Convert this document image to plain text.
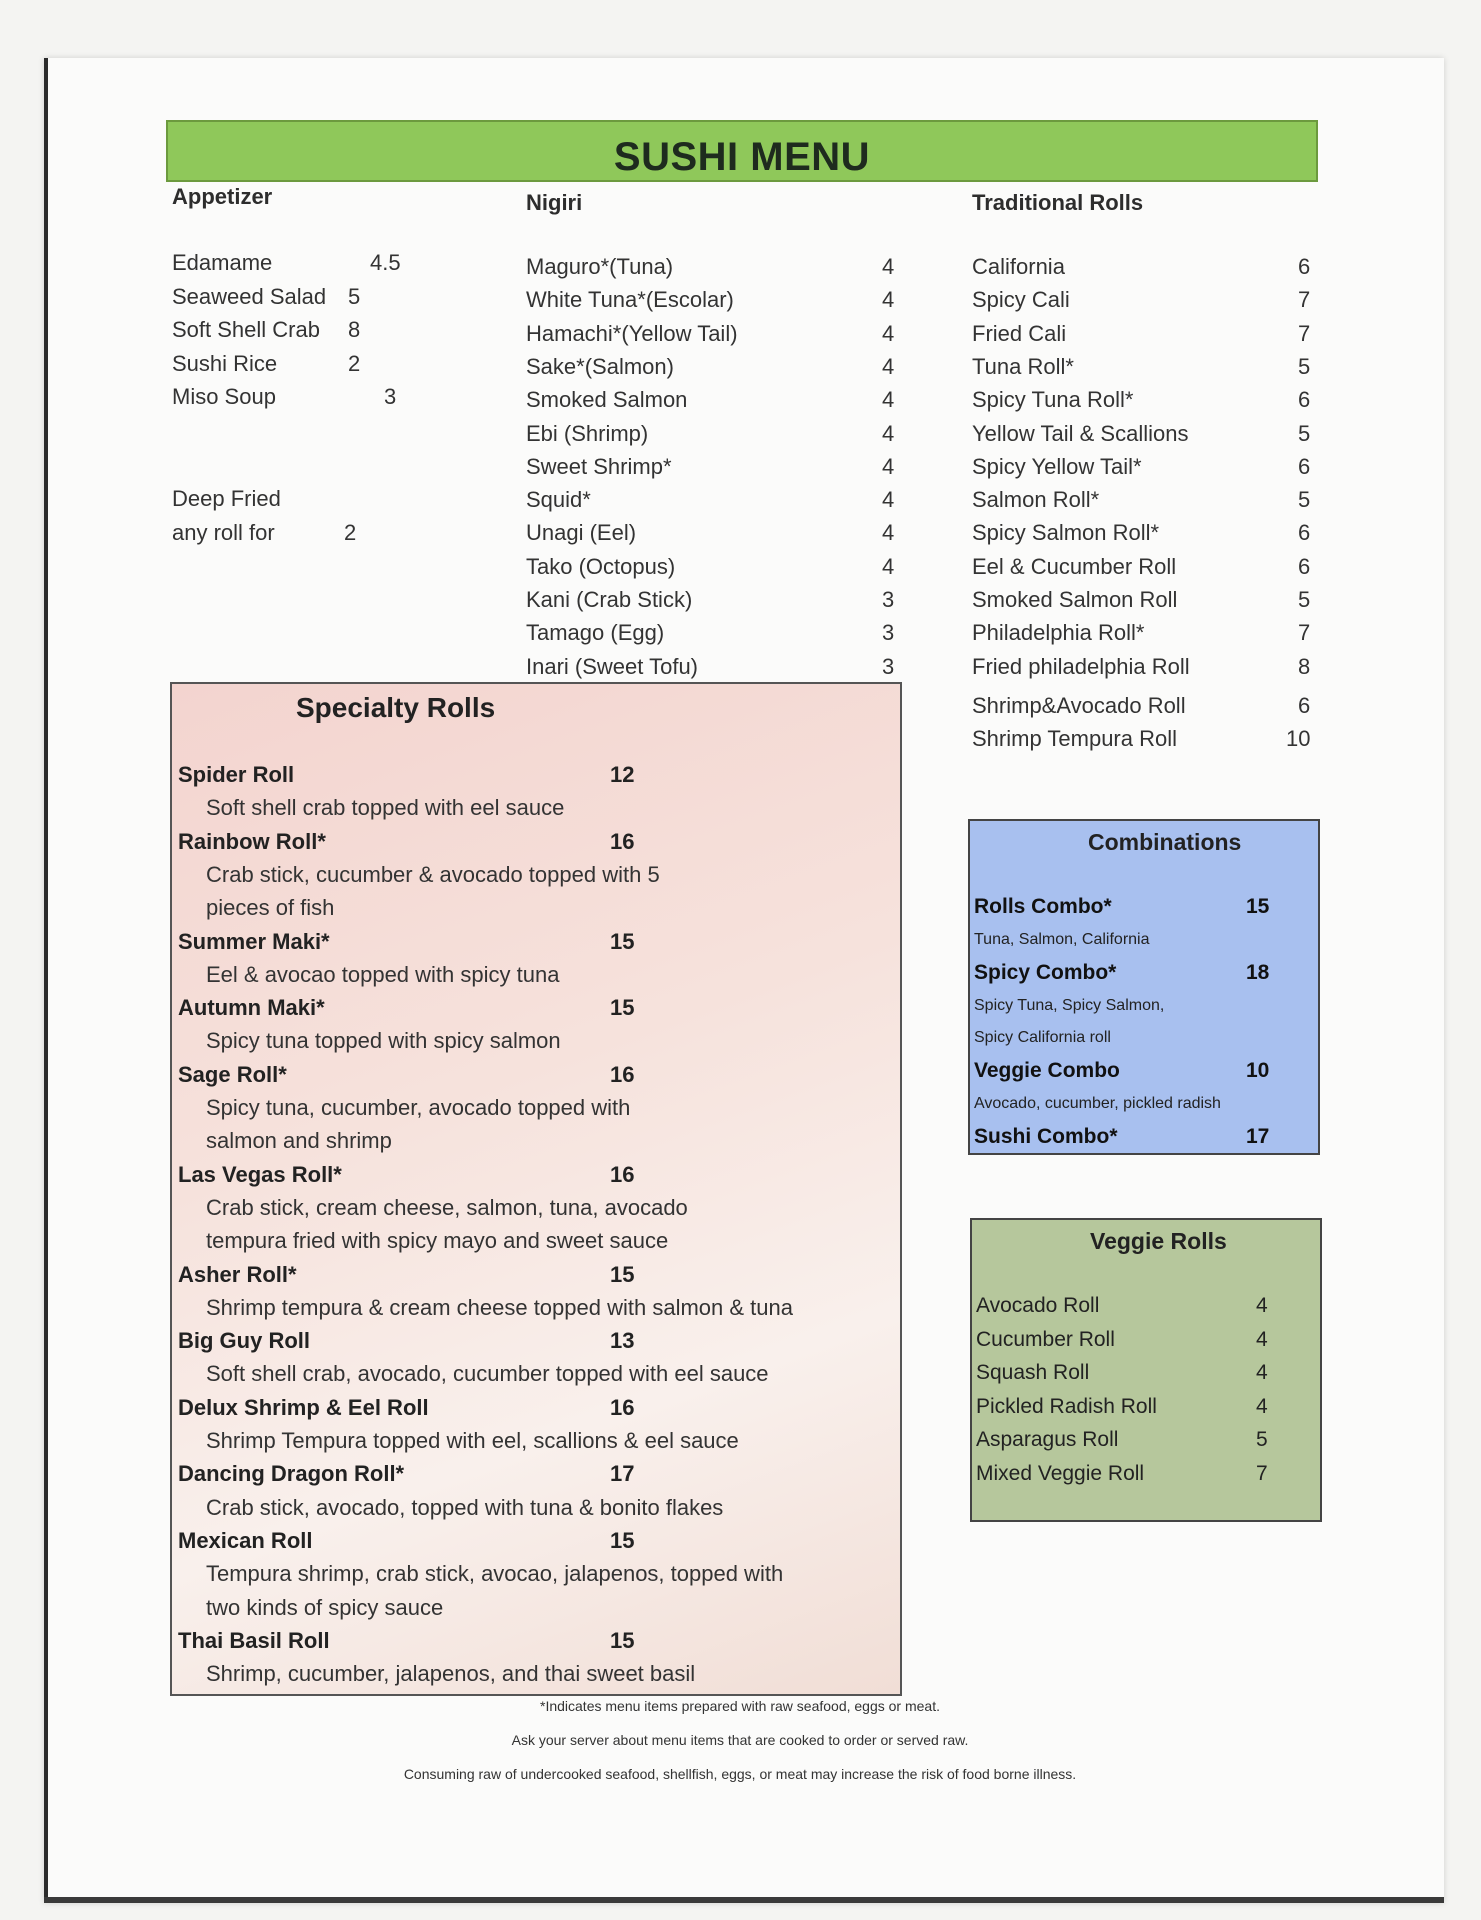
SUSHI MENU
Appetizer	Nigiri	Traditional Rolls
Edamame	4.5
Seaweed Salad 5
Soft Shell Crab 8
Sushi Rice	2
Miso Soup	3
Deep Fried
any roll for	2
Maguro*(Tuna)	4
White Tuna*(Escolar)	4
Hamachi*(Yellow Tail)	4
Sake*(Salmon)	4
Smoked Salmon	4
Ebi (Shrimp)	4
Sweet Shrimp*	4
Squid*	4
Unagi (Eel)	4
Tako (Octopus)	4
Kani (Crab Stick)	3
Tamago (Egg)	3
Inari (Sweet Tofu)	3
California	6
Spicy Cali	7
Fried Cali	7
Tuna Roll*	5
Spicy Tuna Roll*	6
Yellow Tail & Scallions	5
Spicy Yellow Tail*	6
Salmon Roll*	5
Spicy Salmon Roll*	6
Eel & Cucumber Roll	6
Smoked Salmon Roll	5
Philadelphia Roll*	7
Fried philadelphia Roll	8
Shrimp&Avocado Roll	6
Shrimp Tempura Roll	10
Specialty Rolls
Spider Roll	12
Soft shell crab topped with eel sauce
Rainbow Roll*	16
Crab stick, cucumber & avocado topped with 5
pieces of fish
Summer Maki*	15
Eel & avocao topped with spicy tuna
Autumn Maki*	15
Spicy tuna topped with spicy salmon
Sage Roll*	16
Spicy tuna, cucumber, avocado topped with
salmon and shrimp
Las Vegas Roll*	16
Crab stick, cream cheese, salmon, tuna, avocado
tempura fried with spicy mayo and sweet sauce
Asher Roll*	15
Shrimp tempura & cream cheese topped with salmon & tuna
Big Guy Roll	13
Soft shell crab, avocado, cucumber topped with eel sauce
Delux Shrimp & Eel Roll	16
Shrimp Tempura topped with eel, scallions & eel sauce
Dancing Dragon Roll*	17
Crab stick, avocado, topped with tuna & bonito flakes
Mexican Roll	15
Tempura shrimp, crab stick, avocao, jalapenos, topped with
two kinds of spicy sauce
Thai Basil Roll	15
Shrimp, cucumber, jalapenos, and thai sweet basil
Combinations
Rolls Combo*	15
Tuna, Salmon, California
Spicy Combo*	18
Spicy Tuna, Spicy Salmon,
Spicy California roll
Veggie Combo	10
Avocado, cucumber, pickled radish
Sushi Combo*	17
Veggie Rolls
Avocado Roll	4
Cucumber Roll	4
Squash Roll	4
Pickled Radish Roll	4
Asparagus Roll	5
Mixed Veggie Roll	7
*Indicates menu items prepared with raw seafood, eggs or meat.
Ask your server about menu items that are cooked to order or served raw.
Consuming raw of undercooked seafood, shellfish, eggs, or meat may increase the risk of food borne illness.
